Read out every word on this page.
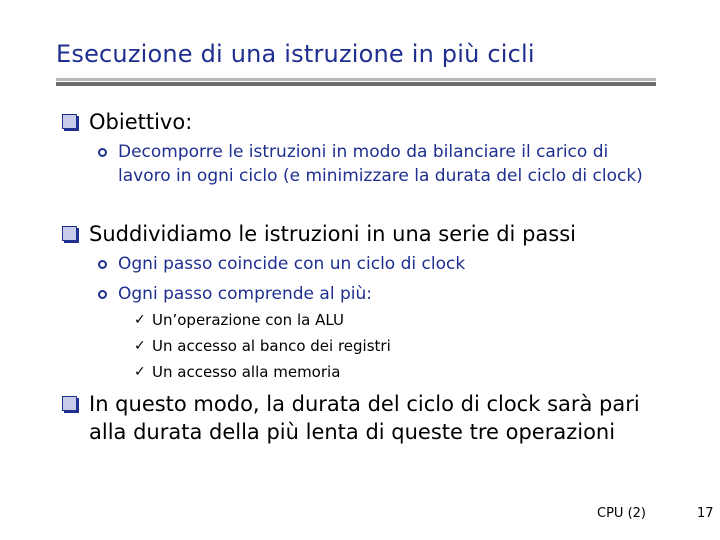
Esecuzione di una istruzione in più cicli
Obiettivo:
Decomporre le istruzioni in modo da bilanciare il carico di lavoro in ogni ciclo (e minimizzare la durata del ciclo di clock)
Suddividiamo le istruzioni in una serie di passi
Ogni passo coincide con un ciclo di clock
Ogni passo comprende al più:
✓ Un’operazione con la ALU
✓ Un accesso al banco dei registri
✓ Un accesso alla memoria
In questo modo, la durata del ciclo di clock sarà pari alla durata della più lenta di queste tre operazioni
CPU (2)	17
